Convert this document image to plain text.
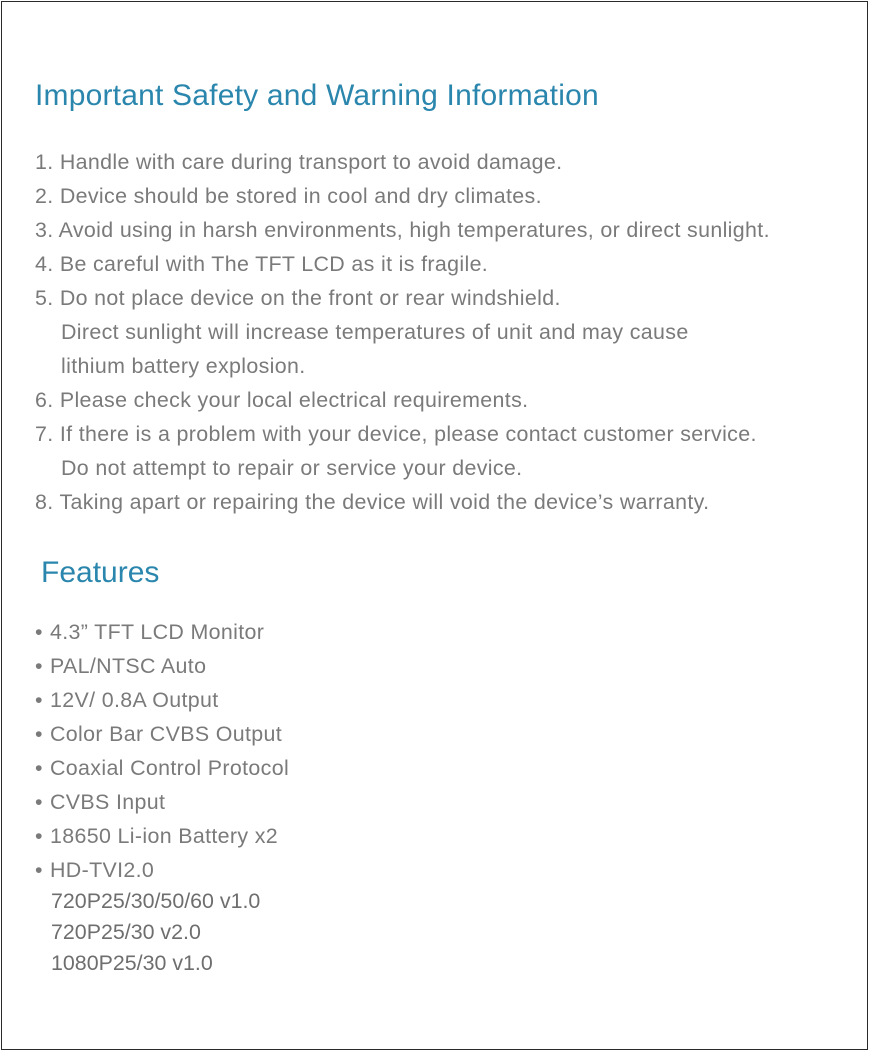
Important Safety and Warning Information
1. Handle with care during transport to avoid damage.
2. Device should be stored in cool and dry climates.
3. Avoid using in harsh environments, high temperatures, or direct sunlight.
4. Be careful with The TFT LCD as it is fragile.
5. Do not place device on the front or rear windshield.
Direct sunlight will increase temperatures of unit and may cause
lithium battery explosion.
6. Please check your local electrical requirements.
7. If there is a problem with your device, please contact customer service.
Do not attempt to repair or service your device.
8. Taking apart or repairing the device will void the device’s warranty.
Features
• 4.3” TFT LCD Monitor
• PAL/NTSC Auto
• 12V/ 0.8A Output
• Color Bar CVBS Output
• Coaxial Control Protocol
• CVBS Input
• 18650 Li-ion Battery x2
• HD-TVI2.0
720P25/30/50/60 v1.0
720P25/30 v2.0
1080P25/30 v1.0
